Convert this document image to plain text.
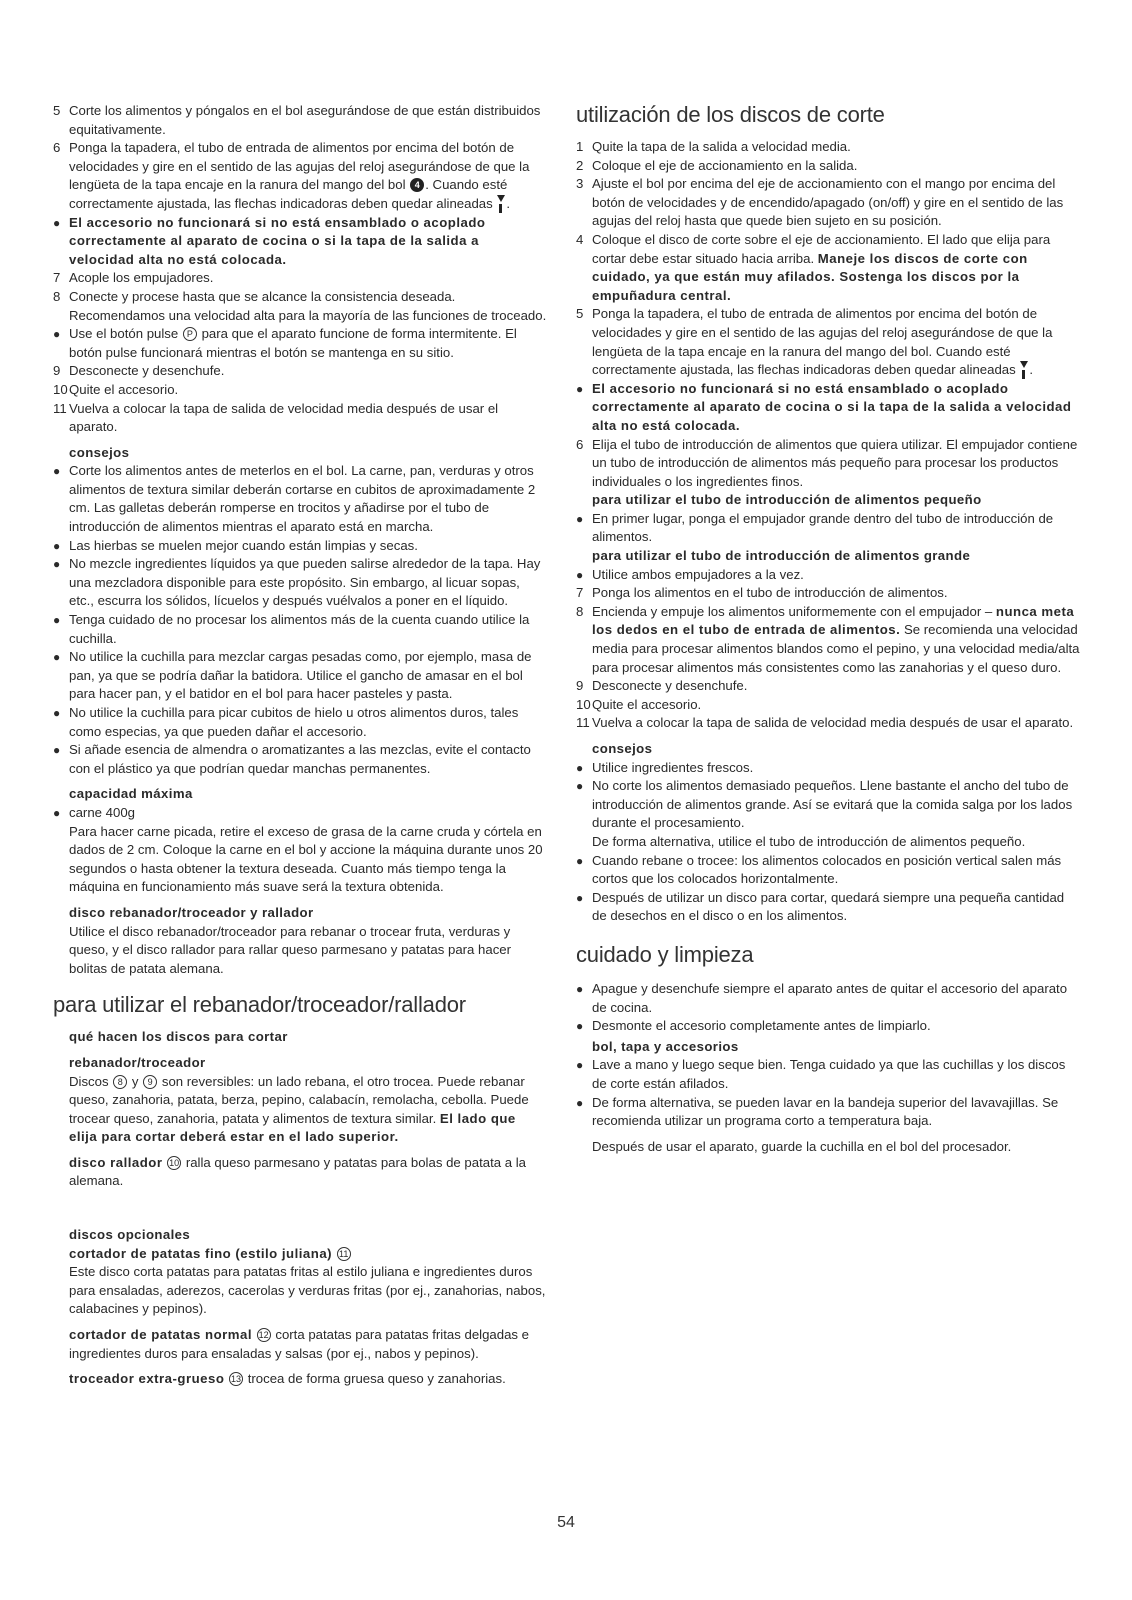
5 Corte los alimentos y póngalos en el bol asegurándose de que están distribuidos equitativamente.
6 Ponga la tapadera, el tubo de entrada de alimentos por encima del botón de velocidades y gire en el sentido de las agujas del reloj asegurándose de que la lengüeta de la tapa encaje en la ranura del mango del bol 4 . Cuando esté correctamente ajustada, las flechas indicadoras deben quedar alineadas .
● El accesorio no funcionará si no está ensamblado o acoplado correctamente al aparato de cocina o si la tapa de la salida a velocidad alta no está colocada.
7 Acople los empujadores.
8 Conecte y procese hasta que se alcance la consistencia deseada. Recomendamos una velocidad alta para la mayoría de las funciones de troceado.
● Use el botón pulse P para que el aparato funcione de forma intermitente. El botón pulse funcionará mientras el botón se mantenga en su sitio.
9 Desconecte y desenchufe.
10 Quite el accesorio.
11 Vuelva a colocar la tapa de salida de velocidad media después de usar el aparato.
consejos
● Corte los alimentos antes de meterlos en el bol. La carne, pan, verduras y otros alimentos de textura similar deberán cortarse en cubitos de aproximadamente 2 cm. Las galletas deberán romperse en trocitos y añadirse por el tubo de introducción de alimentos mientras el aparato está en marcha.
● Las hierbas se muelen mejor cuando están limpias y secas.
● No mezcle ingredientes líquidos ya que pueden salirse alrededor de la tapa. Hay una mezcladora disponible para este propósito. Sin embargo, al licuar sopas, etc., escurra los sólidos, lícuelos y después vuélvalos a poner en el líquido.
● Tenga cuidado de no procesar los alimentos más de la cuenta cuando utilice la cuchilla.
● No utilice la cuchilla para mezclar cargas pesadas como, por ejemplo, masa de pan, ya que se podría dañar la batidora. Utilice el gancho de amasar en el bol para hacer pan, y el batidor en el bol para hacer pasteles y pasta.
● No utilice la cuchilla para picar cubitos de hielo u otros alimentos duros, tales como especias, ya que pueden dañar el accesorio.
● Si añade esencia de almendra o aromatizantes a las mezclas, evite el contacto con el plástico ya que podrían quedar manchas permanentes.
capacidad máxima
● carne 400g
Para hacer carne picada, retire el exceso de grasa de la carne cruda y córtela en dados de 2 cm. Coloque la carne en el bol y accione la máquina durante unos 20 segundos o hasta obtener la textura deseada. Cuanto más tiempo tenga la máquina en funcionamiento más suave será la textura obtenida.
disco rebanador/troceador y rallador
Utilice el disco rebanador/troceador para rebanar o trocear fruta, verduras y queso, y el disco rallador para rallar queso parmesano y patatas para hacer bolitas de patata alemana.
para utilizar el rebanador/troceador/rallador
qué hacen los discos para cortar
rebanador/troceador
Discos 8 y 9 son reversibles: un lado rebana, el otro trocea. Puede rebanar queso, zanahoria, patata, berza, pepino, calabacín, remolacha, cebolla. Puede trocear queso, zanahoria, patata y alimentos de textura similar. El lado que elija para cortar deberá estar en el lado superior.
disco rallador 10 ralla queso parmesano y patatas para bolas de patata a la alemana.
discos opcionales
cortador de patatas fino (estilo juliana) 11
Este disco corta patatas para patatas fritas al estilo juliana e ingredientes duros para ensaladas, aderezos, cacerolas y verduras fritas (por ej., zanahorias, nabos, calabacines y pepinos).
cortador de patatas normal 12 corta patatas para patatas fritas delgadas e ingredientes duros para ensaladas y salsas (por ej., nabos y pepinos).
troceador extra-grueso 13 trocea de forma gruesa queso y zanahorias.
utilización de los discos de corte
1 Quite la tapa de la salida a velocidad media.
2 Coloque el eje de accionamiento en la salida.
3 Ajuste el bol por encima del eje de accionamiento con el mango por encima del botón de velocidades y de encendido/apagado (on/off) y gire en el sentido de las agujas del reloj hasta que quede bien sujeto en su posición.
4 Coloque el disco de corte sobre el eje de accionamiento. El lado que elija para cortar debe estar situado hacia arriba. Maneje los discos de corte con cuidado, ya que están muy afilados. Sostenga los discos por la empuñadura central.
5 Ponga la tapadera, el tubo de entrada de alimentos por encima del botón de velocidades y gire en el sentido de las agujas del reloj asegurándose de que la lengüeta de la tapa encaje en la ranura del mango del bol. Cuando esté correctamente ajustada, las flechas indicadoras deben quedar alineadas .
● El accesorio no funcionará si no está ensamblado o acoplado correctamente al aparato de cocina o si la tapa de la salida a velocidad alta no está colocada.
6 Elija el tubo de introducción de alimentos que quiera utilizar. El empujador contiene un tubo de introducción de alimentos más pequeño para procesar los productos individuales o los ingredientes finos.
para utilizar el tubo de introducción de alimentos pequeño
● En primer lugar, ponga el empujador grande dentro del tubo de introducción de alimentos.
para utilizar el tubo de introducción de alimentos grande
● Utilice ambos empujadores a la vez.
7 Ponga los alimentos en el tubo de introducción de alimentos.
8 Encienda y empuje los alimentos uniformemente con el empujador – nunca meta los dedos en el tubo de entrada de alimentos. Se recomienda una velocidad media para procesar alimentos blandos como el pepino, y una velocidad media/alta para procesar alimentos más consistentes como las zanahorias y el queso duro.
9 Desconecte y desenchufe.
10 Quite el accesorio.
11 Vuelva a colocar la tapa de salida de velocidad media después de usar el aparato.
consejos
● Utilice ingredientes frescos.
● No corte los alimentos demasiado pequeños. Llene bastante el ancho del tubo de introducción de alimentos grande. Así se evitará que la comida salga por los lados durante el procesamiento.
De forma alternativa, utilice el tubo de introducción de alimentos pequeño.
● Cuando rebane o trocee: los alimentos colocados en posición vertical salen más cortos que los colocados horizontalmente.
● Después de utilizar un disco para cortar, quedará siempre una pequeña cantidad de desechos en el disco o en los alimentos.
cuidado y limpieza
● Apague y desenchufe siempre el aparato antes de quitar el accesorio del aparato de cocina.
● Desmonte el accesorio completamente antes de limpiarlo.
bol, tapa y accesorios
● Lave a mano y luego seque bien. Tenga cuidado ya que las cuchillas y los discos de corte están afilados.
● De forma alternativa, se pueden lavar en la bandeja superior del lavavajillas. Se recomienda utilizar un programa corto a temperatura baja.
Después de usar el aparato, guarde la cuchilla en el bol del procesador.
54
